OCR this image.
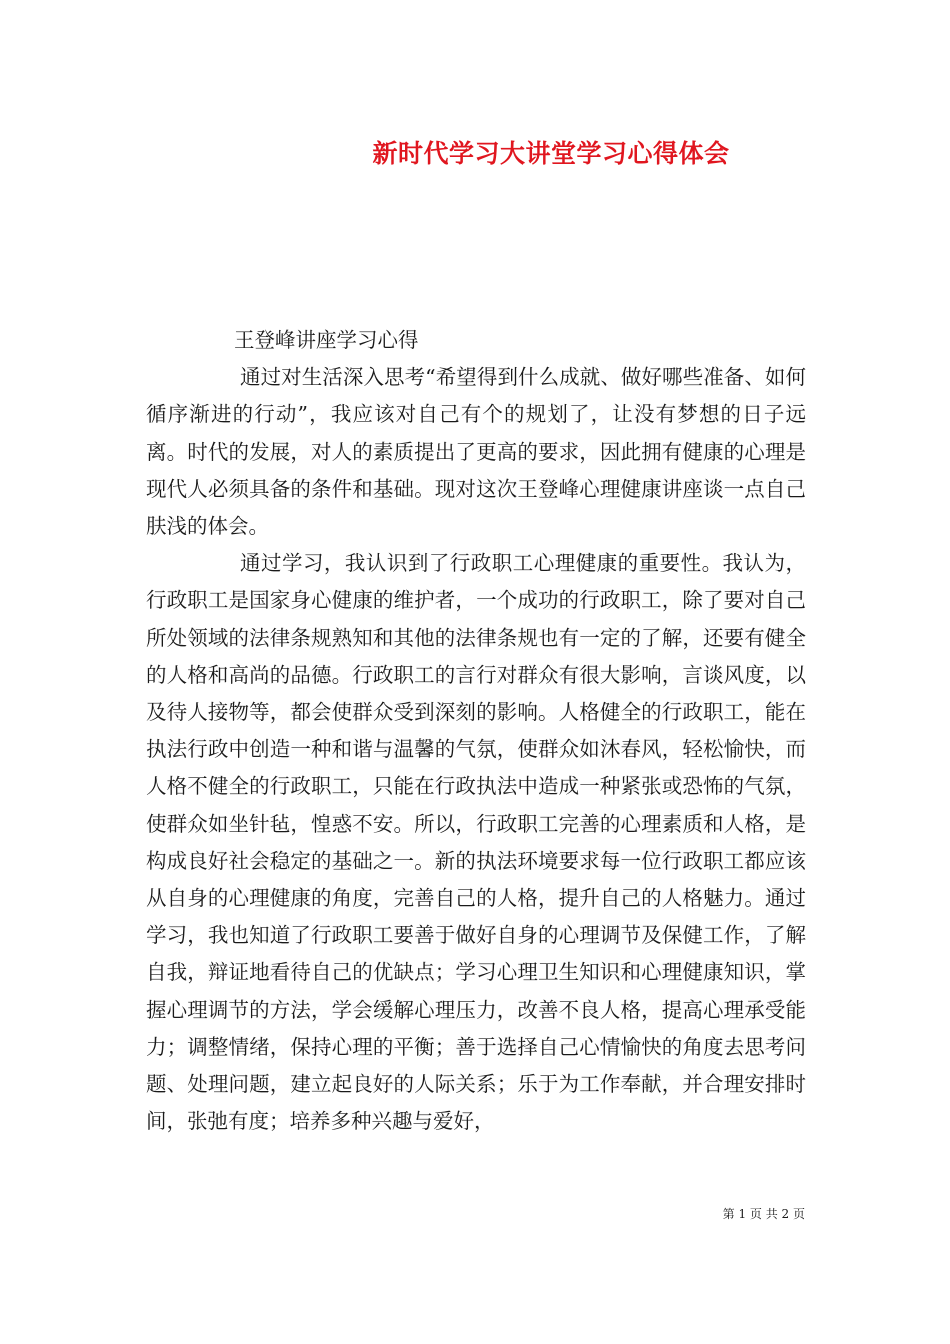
新时代学习大讲堂学习心得体会

王登峰讲座学习心得

通过对生活深入思考“希望得到什么成就、做好哪些准备、如何循序渐进的行动”，我应该对自己有个的规划了，让没有梦想的日子远离。时代的发展，对人的素质提出了更高的要求，因此拥有健康的心理是现代人必须具备的条件和基础。现对这次王登峰心理健康讲座谈一点自己肤浅的体会。

通过学习，我认识到了行政职工心理健康的重要性。我认为，行政职工是国家身心健康的维护者，一个成功的行政职工，除了要对自己所处领域的法律条规熟知和其他的法律条规也有一定的了解，还要有健全的人格和高尚的品德。行政职工的言行对群众有很大影响，言谈风度，以及待人接物等，都会使群众受到深刻的影响。人格健全的行政职工，能在执法行政中创造一种和谐与温馨的气氛，使群众如沐春风，轻松愉快，而人格不健全的行政职工，只能在行政执法中造成一种紧张或恐怖的气氛，使群众如坐针毡，惶惑不安。所以，行政职工完善的心理素质和人格，是构成良好社会稳定的基础之一。新的执法环境要求每一位行政职工都应该从自身的心理健康的角度，完善自己的人格，提升自己的人格魅力。通过学习，我也知道了行政职工要善于做好自身的心理调节及保健工作，了解自我，辩证地看待自己的优缺点；学习心理卫生知识和心理健康知识，掌握心理调节的方法，学会缓解心理压力，改善不良人格，提高心理承受能力；调整情绪，保持心理的平衡；善于选择自己心情愉快的角度去思考问题、处理问题，建立起良好的人际关系；乐于为工作奉献，并合理安排时间，张弛有度；培养多种兴趣与爱好，

第 1 页 共 2 页
